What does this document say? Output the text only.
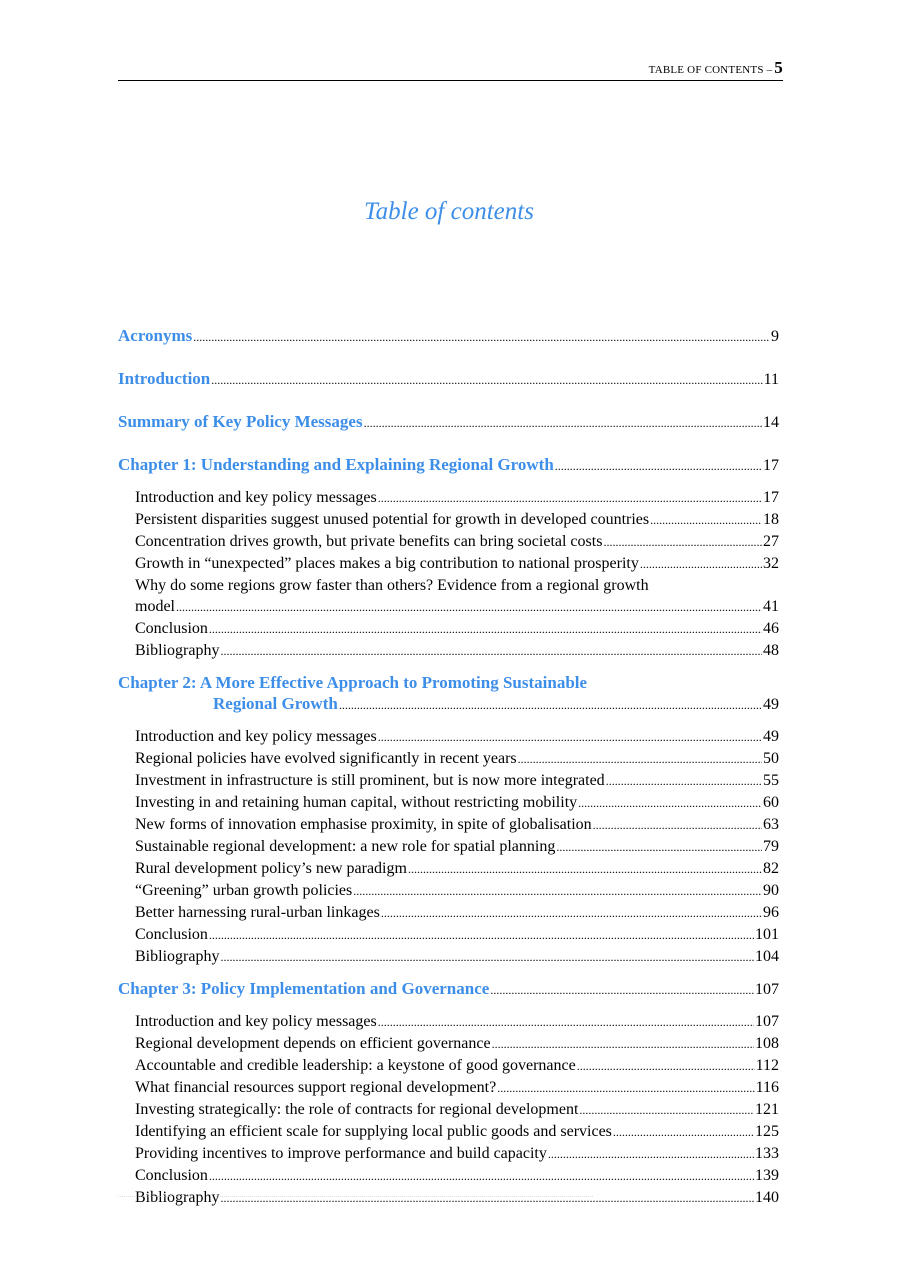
TABLE OF CONTENTS – 5
Table of contents
Acronyms .....	9
Introduction .....	11
Summary of Key Policy Messages .....	14
Chapter 1: Understanding and Explaining Regional Growth .....	17
Introduction and key policy messages .....	17
Persistent disparities suggest unused potential for growth in developed countries .....	18
Concentration drives growth, but private benefits can bring societal costs .....	27
Growth in “unexpected” places makes a big contribution to national prosperity .....	32
Why do some regions grow faster than others? Evidence from a regional growth
model .....	41
Conclusion .....	46
Bibliography .....	48
Chapter 2: A More Effective Approach to Promoting Sustainable
Regional Growth .....	49
Introduction and key policy messages .....	49
Regional policies have evolved significantly in recent years .....	50
Investment in infrastructure is still prominent, but is now more integrated .....	55
Investing in and retaining human capital, without restricting mobility .....	60
New forms of innovation emphasise proximity, in spite of globalisation .....	63
Sustainable regional development: a new role for spatial planning .....	79
Rural development policy’s new paradigm .....	82
“Greening” urban growth policies .....	90
Better harnessing rural-urban linkages .....	96
Conclusion .....	101
Bibliography .....	104
Chapter 3: Policy Implementation and Governance .....	107
Introduction and key policy messages .....	107
Regional development depends on efficient governance .....	108
Accountable and credible leadership: a keystone of good governance .....	112
What financial resources support regional development? .....	116
Investing strategically: the role of contracts for regional development .....	121
Identifying an efficient scale for supplying local public goods and services .....	125
Providing incentives to improve performance and build capacity .....	133
Conclusion .....	139
Bibliography .....	140
